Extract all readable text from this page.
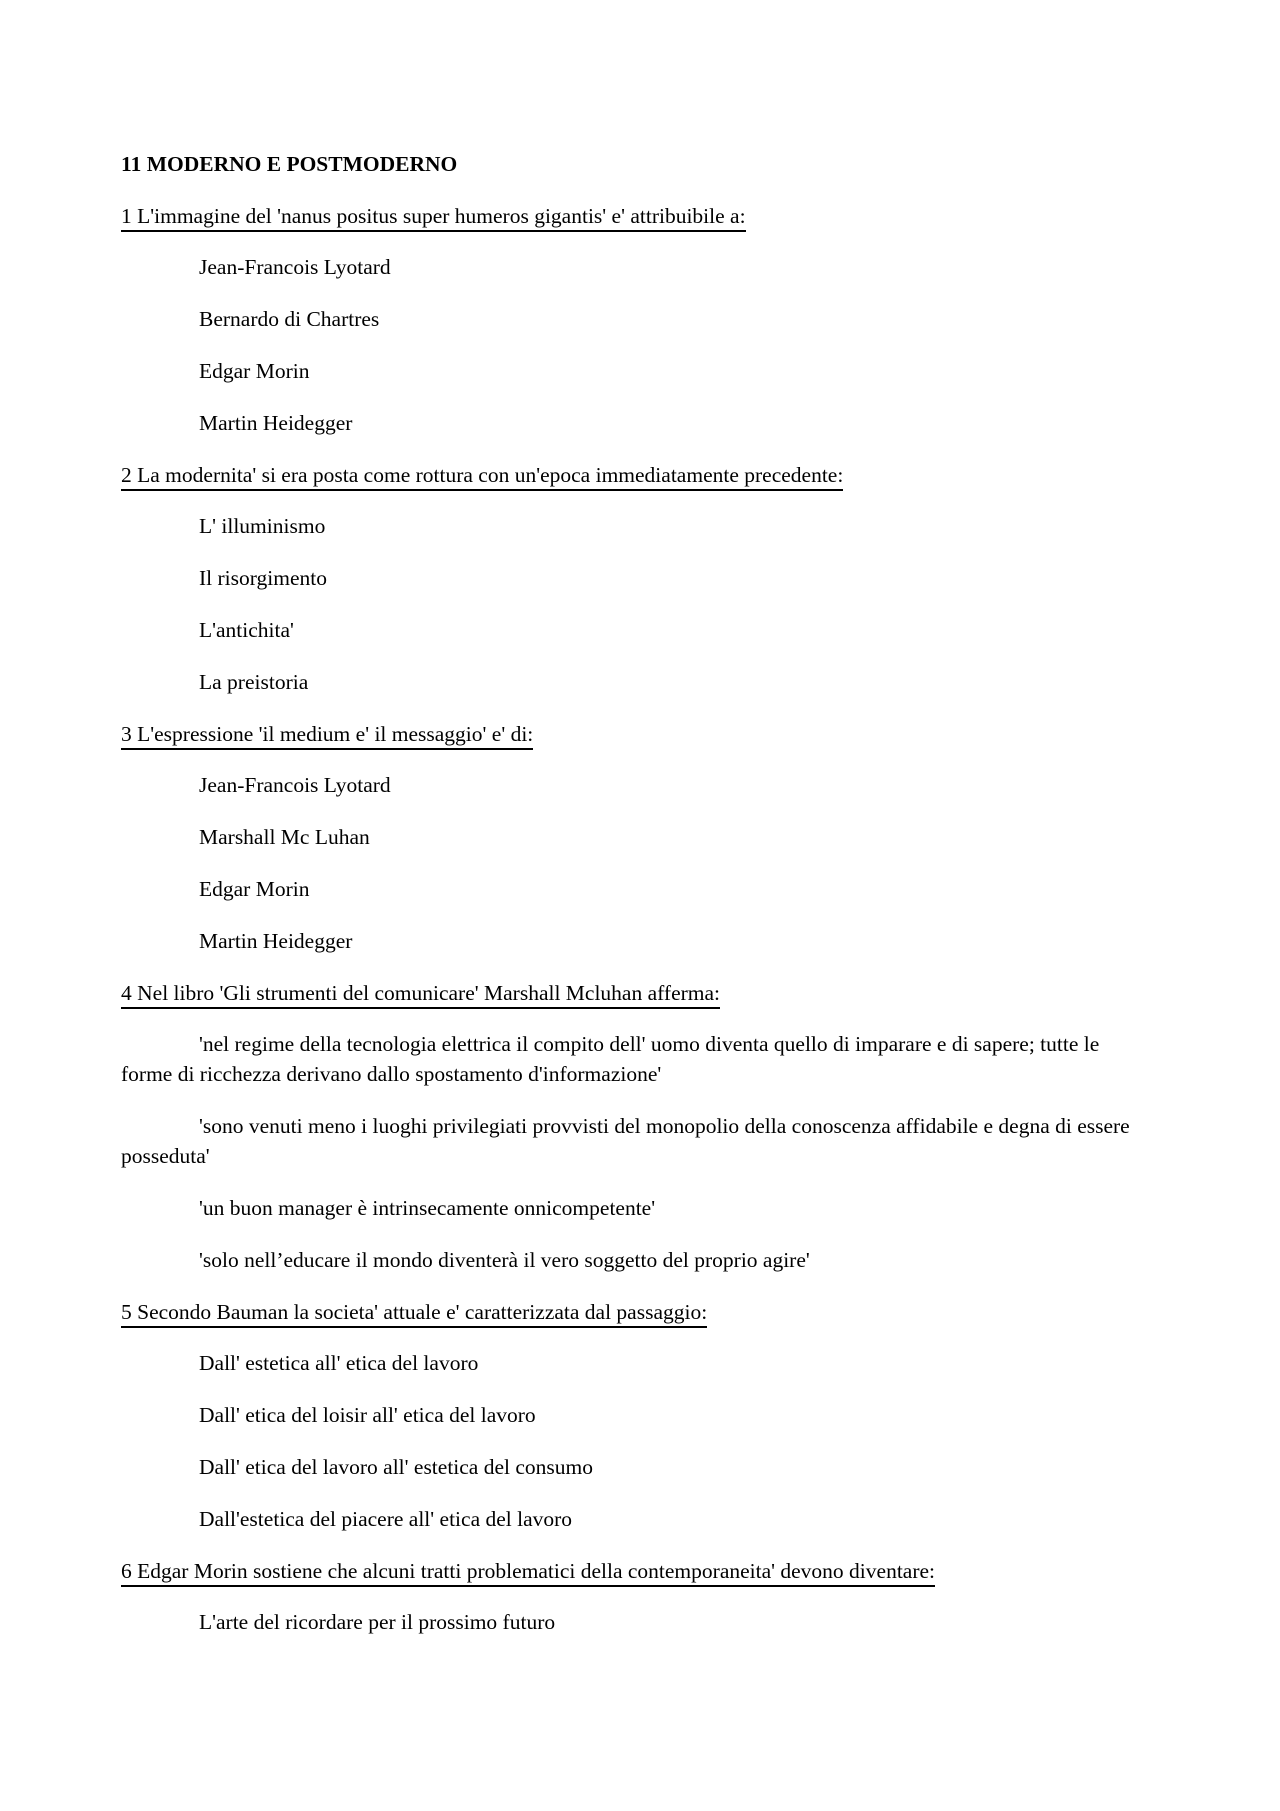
11 MODERNO E POSTMODERNO

1 L'immagine del 'nanus positus super humeros gigantis' e' attribuibile a:

Jean-Francois Lyotard

Bernardo di Chartres

Edgar Morin

Martin Heidegger

2 La modernita' si era posta come rottura con un'epoca immediatamente precedente:

L' illuminismo

Il risorgimento

L'antichita'

La preistoria

3 L'espressione 'il medium e' il messaggio' e' di:

Jean-Francois Lyotard

Marshall Mc Luhan

Edgar Morin

Martin Heidegger

4 Nel libro 'Gli strumenti del comunicare' Marshall Mcluhan afferma:

'nel regime della tecnologia elettrica il compito dell' uomo diventa quello di imparare e di sapere; tutte le forme di ricchezza derivano dallo spostamento d'informazione'

'sono venuti meno i luoghi privilegiati provvisti del monopolio della conoscenza affidabile e degna di essere posseduta'

'un buon manager è intrinsecamente onnicompetente'

'solo nell’educare il mondo diventerà il vero soggetto del proprio agire'

5 Secondo Bauman la societa' attuale e' caratterizzata dal passaggio:

Dall' estetica all' etica del lavoro

Dall' etica del loisir all' etica del lavoro

Dall' etica del lavoro all' estetica del consumo

Dall'estetica del piacere all' etica del lavoro

6 Edgar Morin sostiene che alcuni tratti problematici della contemporaneita' devono diventare:

L'arte del ricordare per il prossimo futuro
